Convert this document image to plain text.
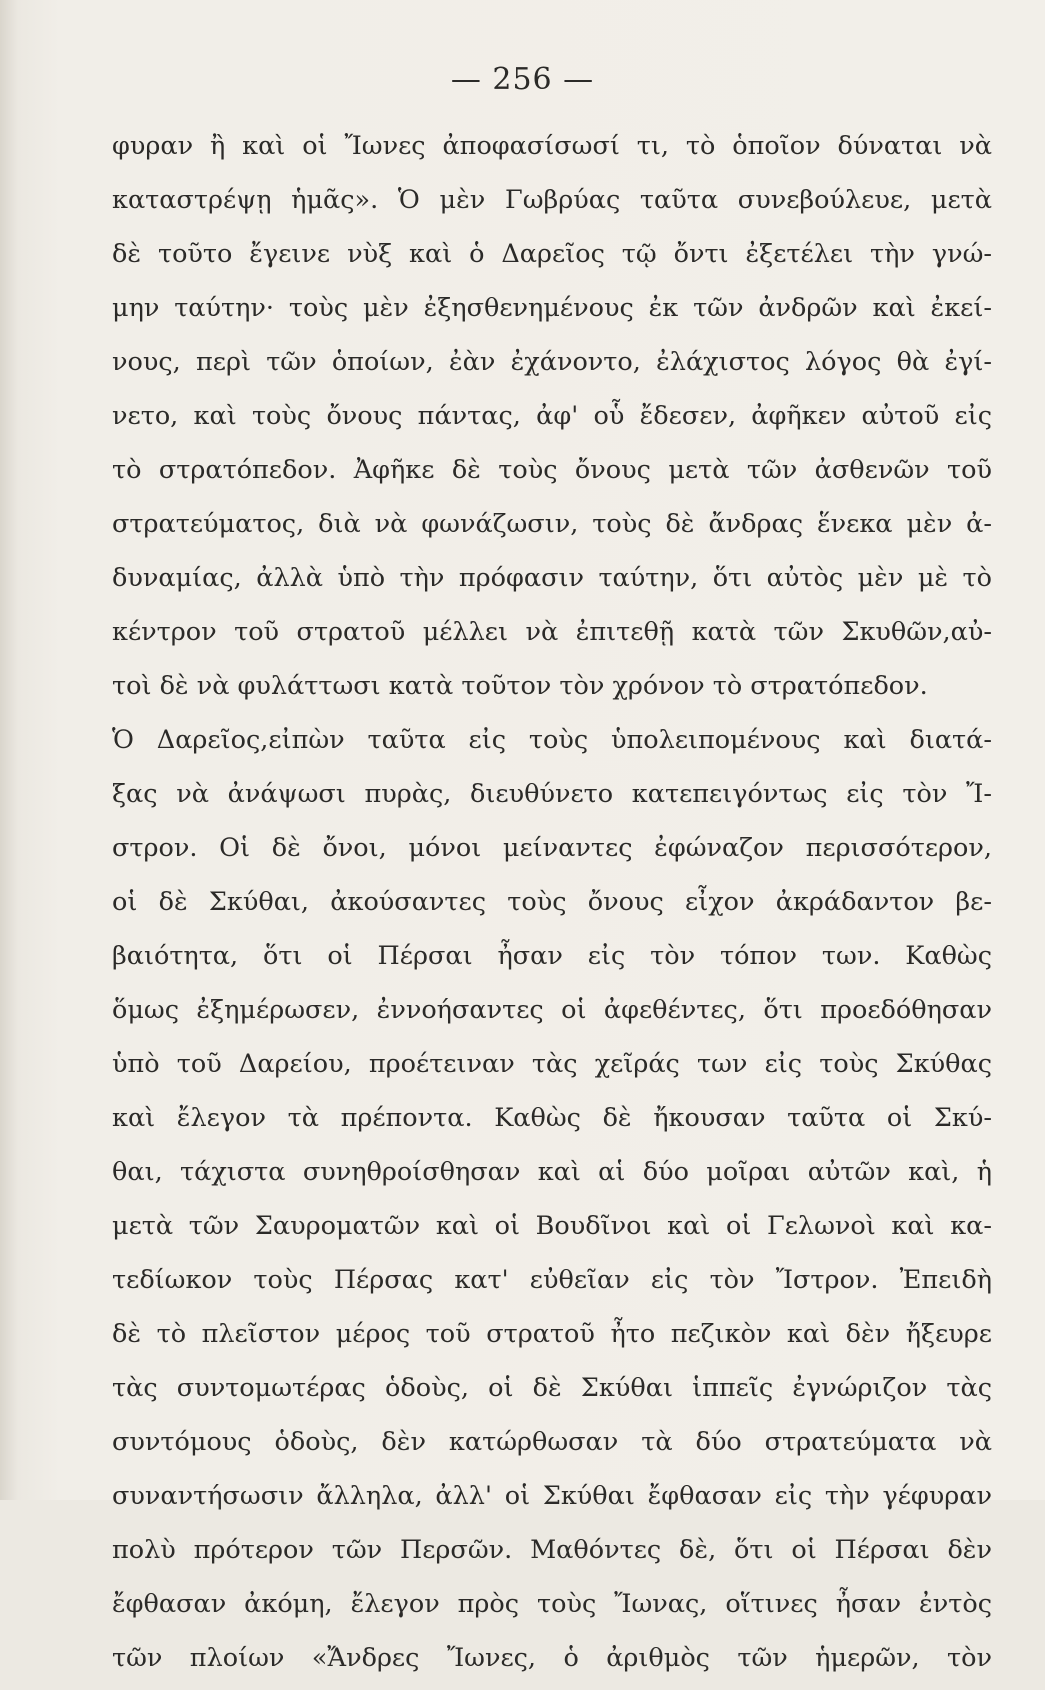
— 256 —
φυραν ἢ καὶ οἱ Ἴωνες ἀποφασίσωσί τι, τὸ ὁποῖον δύναται νὰ
καταστρέψῃ ἡμᾶς». Ὁ μὲν Γωβρύας ταῦτα συνεβούλευε, μετὰ
δὲ τοῦτο ἔγεινε νὺξ καὶ ὁ Δαρεῖος τῷ ὄντι ἐξετέλει τὴν γνώ-
μην ταύτην· τοὺς μὲν ἐξησθενημένους ἐκ τῶν ἀνδρῶν καὶ ἐκεί-
νους, περὶ τῶν ὁποίων, ἐὰν ἐχάνοντο, ἐλάχιστος λόγος θὰ ἐγί-
νετο, καὶ τοὺς ὄνους πάντας, ἀφ' οὗ ἔδεσεν, ἀφῆκεν αὐτοῦ εἰς
τὸ στρατόπεδον. Ἀφῆκε δὲ τοὺς ὄνους μετὰ τῶν ἀσθενῶν τοῦ
στρατεύματος, διὰ νὰ φωνάζωσιν, τοὺς δὲ ἄνδρας ἕνεκα μὲν ἀ-
δυναμίας, ἀλλὰ ὑπὸ τὴν πρόφασιν ταύτην, ὅτι αὐτὸς μὲν μὲ τὸ
κέντρον τοῦ στρατοῦ μέλλει νὰ ἐπιτεθῇ κατὰ τῶν Σκυθῶν,αὐ-
τοὶ δὲ νὰ φυλάττωσι κατὰ τοῦτον τὸν χρόνον τὸ στρατόπεδον.
Ὁ Δαρεῖος,εἰπὼν ταῦτα εἰς τοὺς ὑπολειπομένους καὶ διατά-
ξας νὰ ἀνάψωσι πυρὰς, διευθύνετο κατεπειγόντως εἰς τὸν Ἴ-
στρον. Οἱ δὲ ὄνοι, μόνοι μείναντες ἐφώναζον περισσότερον,
οἱ δὲ Σκύθαι, ἀκούσαντες τοὺς ὄνους εἶχον ἀκράδαντον βε-
βαιότητα, ὅτι οἱ Πέρσαι ἦσαν εἰς τὸν τόπον των. Καθὼς
ὅμως ἐξημέρωσεν, ἐννοήσαντες οἱ ἀφεθέντες, ὅτι προεδόθησαν
ὑπὸ τοῦ Δαρείου, προέτειναν τὰς χεῖράς των εἰς τοὺς Σκύθας
καὶ ἔλεγον τὰ πρέποντα. Καθὼς δὲ ἤκουσαν ταῦτα οἱ Σκύ-
θαι, τάχιστα συνηθροίσθησαν καὶ αἱ δύο μοῖραι αὐτῶν καὶ, ἡ
μετὰ τῶν Σαυροματῶν καὶ οἱ Βουδῖνοι καὶ οἱ Γελωνοὶ καὶ κα-
τεδίωκον τοὺς Πέρσας κατ' εὐθεῖαν εἰς τὸν Ἴστρον. Ἐπειδὴ
δὲ τὸ πλεῖστον μέρος τοῦ στρατοῦ ἦτο πεζικὸν καὶ δὲν ἤξευρε
τὰς συντομωτέρας ὁδοὺς, οἱ δὲ Σκύθαι ἱππεῖς ἐγνώριζον τὰς
συντόμους ὁδοὺς, δὲν κατώρθωσαν τὰ δύο στρατεύματα νὰ
συναντήσωσιν ἄλληλα, ἀλλ' οἱ Σκύθαι ἔφθασαν εἰς τὴν γέφυραν
πολὺ πρότερον τῶν Περσῶν. Μαθόντες δὲ, ὅτι οἱ Πέρσαι δὲν
ἔφθασαν ἀκόμη, ἔλεγον πρὸς τοὺς Ἴωνας, οἵτινες ἦσαν ἐντὸς
τῶν πλοίων «Ἄνδρες Ἴωνες, ὁ ἀριθμὸς τῶν ἡμερῶν, τὸν
